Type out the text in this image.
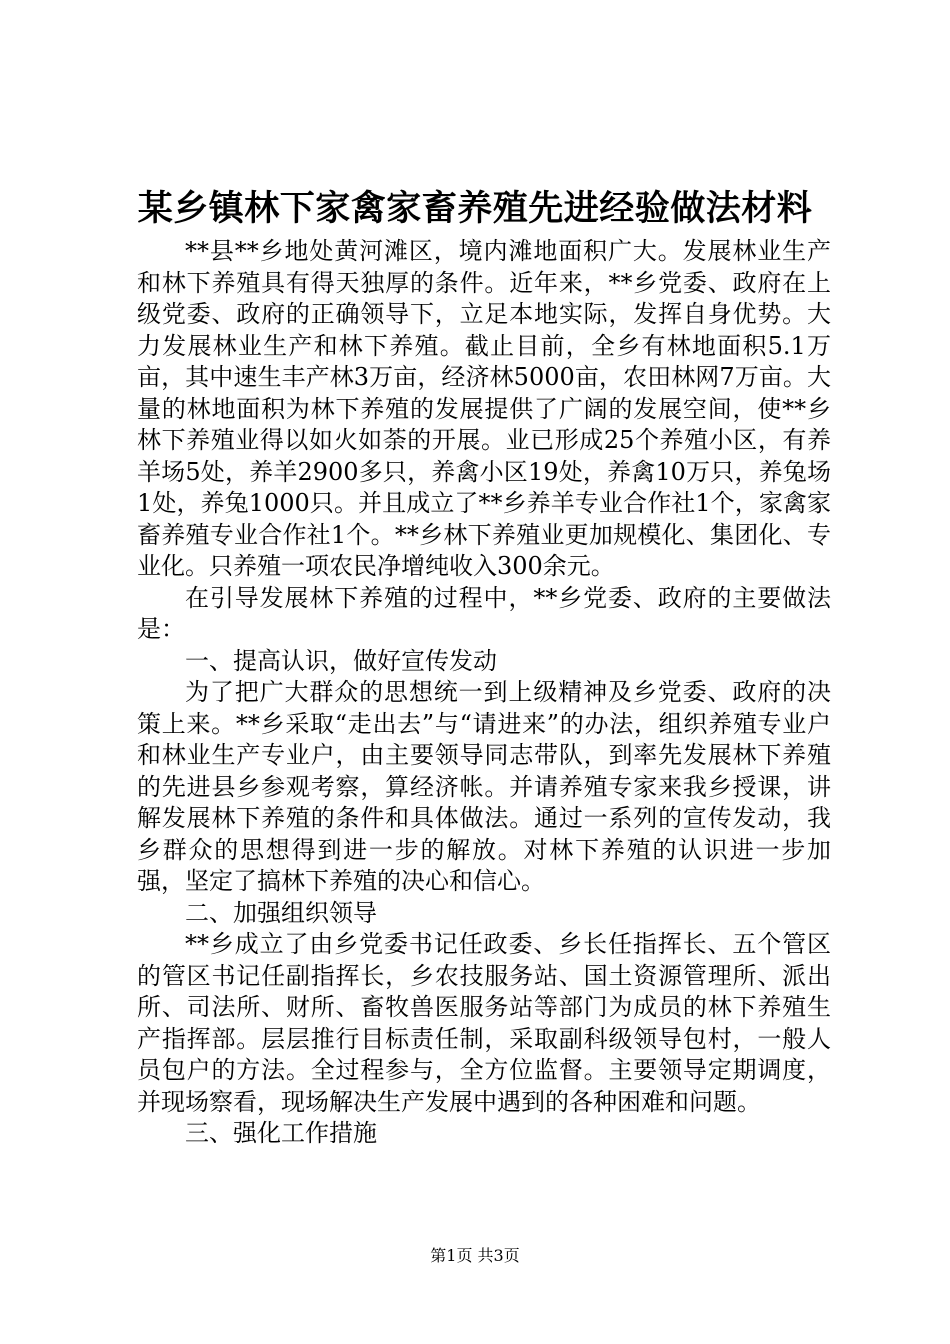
某乡镇林下家禽家畜养殖先进经验做法材料

**县**乡地处黄河滩区，境内滩地面积广大。发展林业生产和林下养殖具有得天独厚的条件。近年来，**乡党委、政府在上级党委、政府的正确领导下，立足本地实际，发挥自身优势。大力发展林业生产和林下养殖。截止目前，全乡有林地面积5.1万亩，其中速生丰产林3万亩，经济林5000亩，农田林网7万亩。大量的林地面积为林下养殖的发展提供了广阔的发展空间，使**乡林下养殖业得以如火如荼的开展。业已形成25个养殖小区，有养羊场5处，养羊2900多只，养禽小区19处，养禽10万只，养兔场1处，养兔1000只。并且成立了**乡养羊专业合作社1个，家禽家畜养殖专业合作社1个。**乡林下养殖业更加规模化、集团化、专业化。只养殖一项农民净增纯收入300余元。

在引导发展林下养殖的过程中，**乡党委、政府的主要做法是：

一、提高认识，做好宣传发动

为了把广大群众的思想统一到上级精神及乡党委、政府的决策上来。**乡采取“走出去”与“请进来”的办法，组织养殖专业户和林业生产专业户，由主要领导同志带队，到率先发展林下养殖的先进县乡参观考察，算经济帐。并请养殖专家来我乡授课，讲解发展林下养殖的条件和具体做法。通过一系列的宣传发动，我乡群众的思想得到进一步的解放。对林下养殖的认识进一步加强，坚定了搞林下养殖的决心和信心。

二、加强组织领导

**乡成立了由乡党委书记任政委、乡长任指挥长、五个管区的管区书记任副指挥长，乡农技服务站、国土资源管理所、派出所、司法所、财所、畜牧兽医服务站等部门为成员的林下养殖生产指挥部。层层推行目标责任制，采取副科级领导包村，一般人员包户的方法。全过程参与，全方位监督。主要领导定期调度，并现场察看，现场解决生产发展中遇到的各种困难和问题。

三、强化工作措施

第1页 共3页
